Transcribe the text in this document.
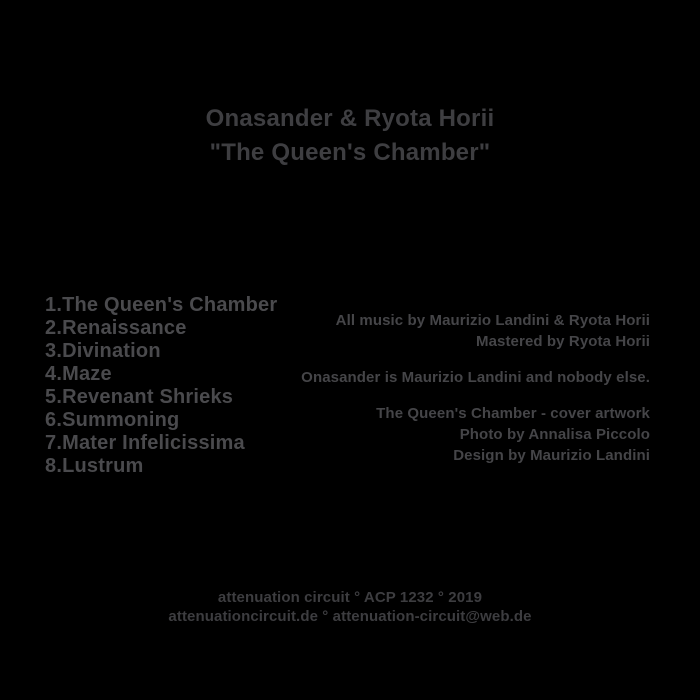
Onasander & Ryota Horii
"The Queen's Chamber"
1.The Queen's Chamber
2.Renaissance
3.Divination
4.Maze
5.Revenant Shrieks
6.Summoning
7.Mater Infelicissima
8.Lustrum
All music by Maurizio Landini & Ryota Horii
Mastered by Ryota Horii
Onasander is Maurizio Landini and nobody else.
The Queen's Chamber - cover artwork
Photo by Annalisa Piccolo
Design by Maurizio Landini
attenuation circuit ° ACP 1232 ° 2019
attenuationcircuit.de ° attenuation-circuit@web.de
